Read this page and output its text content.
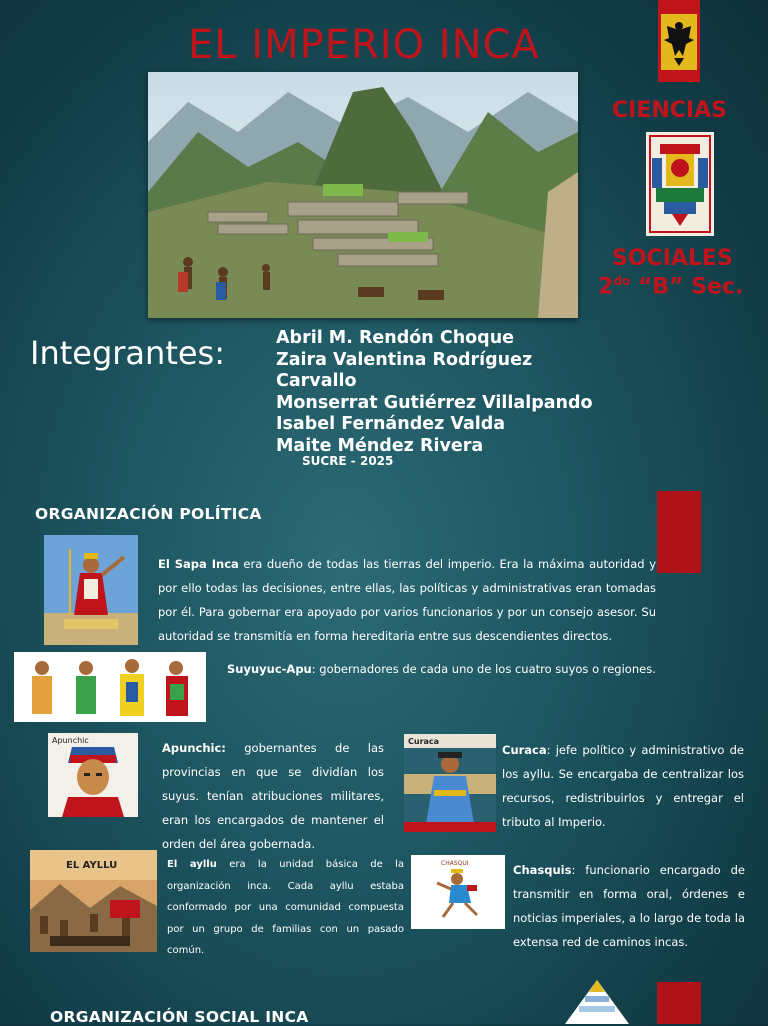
EL IMPERIO INCA
CIENCIAS
SOCIALES
$2^{do}$ “B” Sec.
Integrantes:	Abril M. Rendón Choque
Zaira Valentina Rodríguez
Carvallo
Monserrat Gutiérrez Villalpando
Isabel Fernández Valda
Maite Méndez Rivera
SUCRE - 2025
ORGANIZACIÓN POLÍTICA
El Sapa Inca era dueño de todas las tierras del imperio. Era la máxima autoridad y por ello todas las decisiones, entre ellas, las políticas y administrativas eran tomadas por él. Para gobernar era apoyado por varios funcionarios y por un consejo asesor. Su autoridad se transmitía en forma hereditaria entre sus descendientes directos.
Suyuyuc-Apu: gobernadores de cada uno de los cuatro suyos o regiones.
Apunchic
Apunchic: gobernantes de las provincias en que se dividían los suyus. tenían atribuciones militares, eran los encargados de mantener el orden del área gobernada.
Curaca
Curaca: jefe político y administrativo de los ayllu. Se encargaba de centralizar los recursos, redistribuirlos y entregar el tributo al Imperio.
EL AYLLU	El ayllu era la unidad básica de la organización inca. Cada ayllu estaba conformado por una comunidad compuesta por un grupo de familias con un pasado común.
CHASQUI	Chasquis: funcionario encargado de transmitir en forma oral, órdenes e noticias imperiales, a lo largo de toda la extensa red de caminos incas.
ORGANIZACIÓN SOCIAL INCA
